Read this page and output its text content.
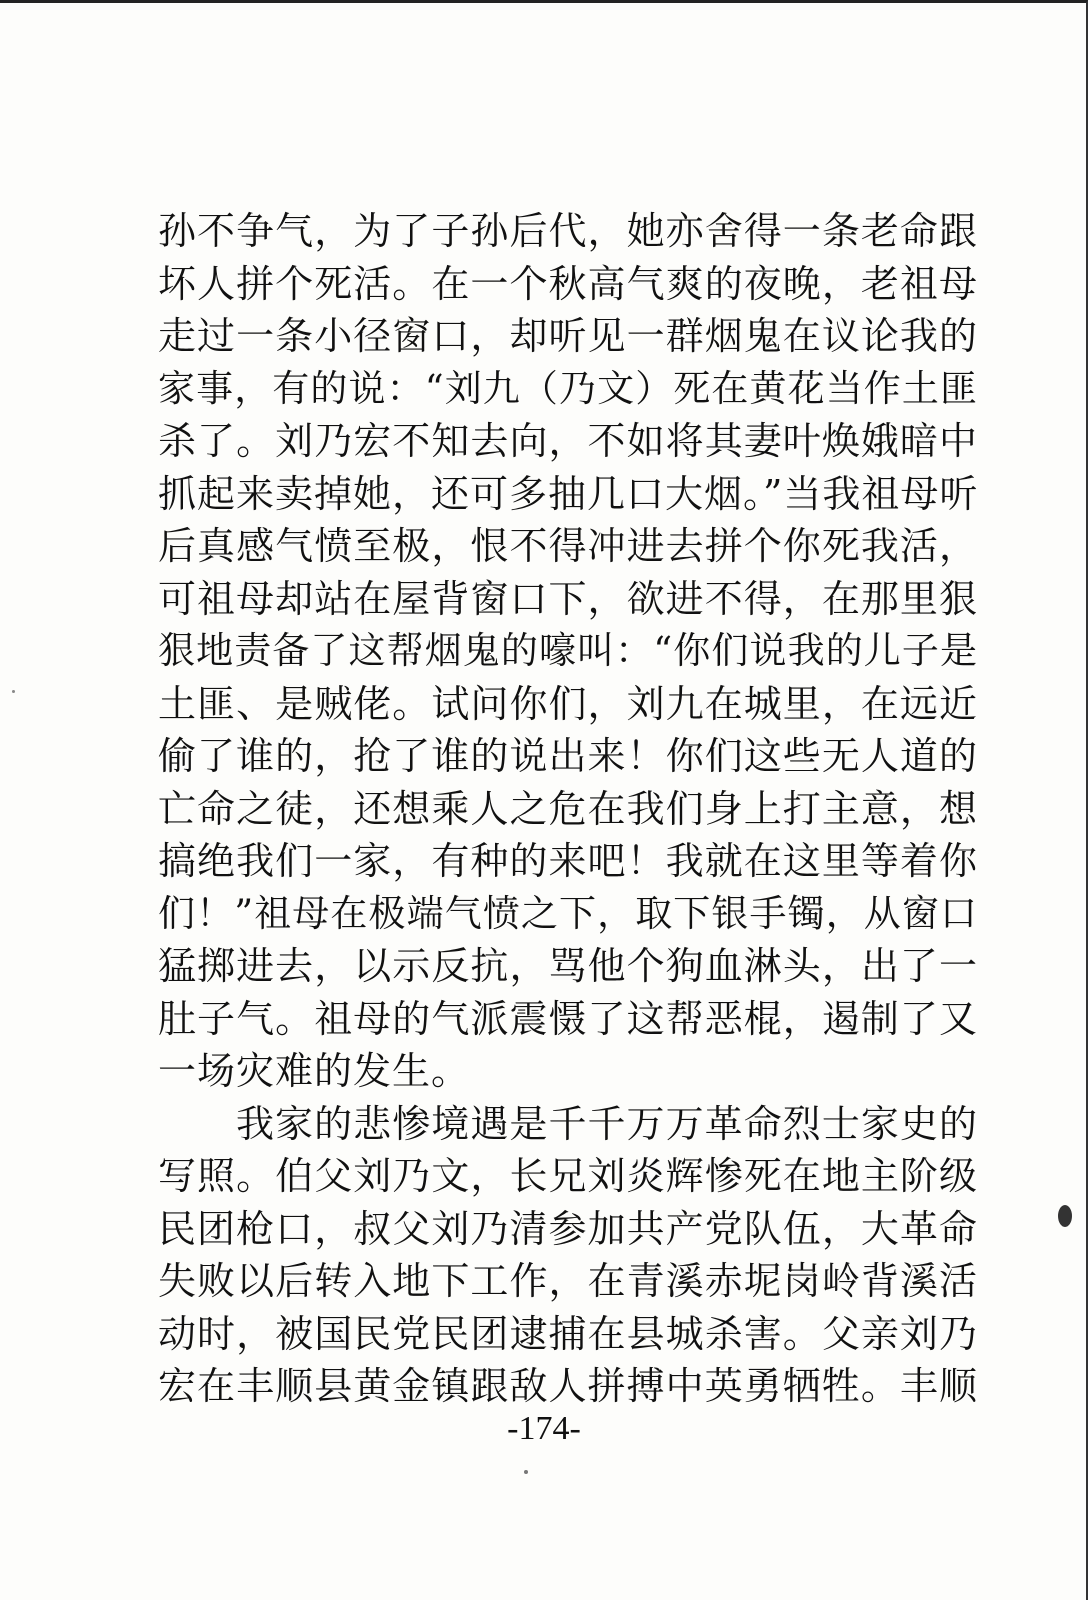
孙不争气，为了子孙后代，她亦舍得一条老命跟
坏人拼个死活。在一个秋高气爽的夜晚，老祖母
走过一条小径窗口，却听见一群烟鬼在议论我的
家事，有的说：“刘九（乃文）死在黄花当作土匪
杀了。刘乃宏不知去向，不如将其妻叶焕娥暗中
抓起来卖掉她，还可多抽几口大烟。”当我祖母听
后真感气愤至极，恨不得冲进去拼个你死我活，
可祖母却站在屋背窗口下，欲进不得，在那里狠
狠地责备了这帮烟鬼的嚎叫：“你们说我的儿子是
土匪、是贼佬。试问你们，刘九在城里，在远近
偷了谁的，抢了谁的说出来！你们这些无人道的
亡命之徒，还想乘人之危在我们身上打主意，想
搞绝我们一家，有种的来吧！我就在这里等着你
们！”祖母在极端气愤之下，取下银手镯，从窗口
猛掷进去，以示反抗，骂他个狗血淋头，出了一
肚子气。祖母的气派震慑了这帮恶棍，遏制了又
一场灾难的发生。
我家的悲惨境遇是千千万万革命烈士家史的
写照。伯父刘乃文，长兄刘炎辉惨死在地主阶级
民团枪口，叔父刘乃清参加共产党队伍，大革命
失败以后转入地下工作，在青溪赤坭岗岭背溪活
动时，被国民党民团逮捕在县城杀害。父亲刘乃
宏在丰顺县黄金镇跟敌人拼搏中英勇牺牲。丰顺
-174-
